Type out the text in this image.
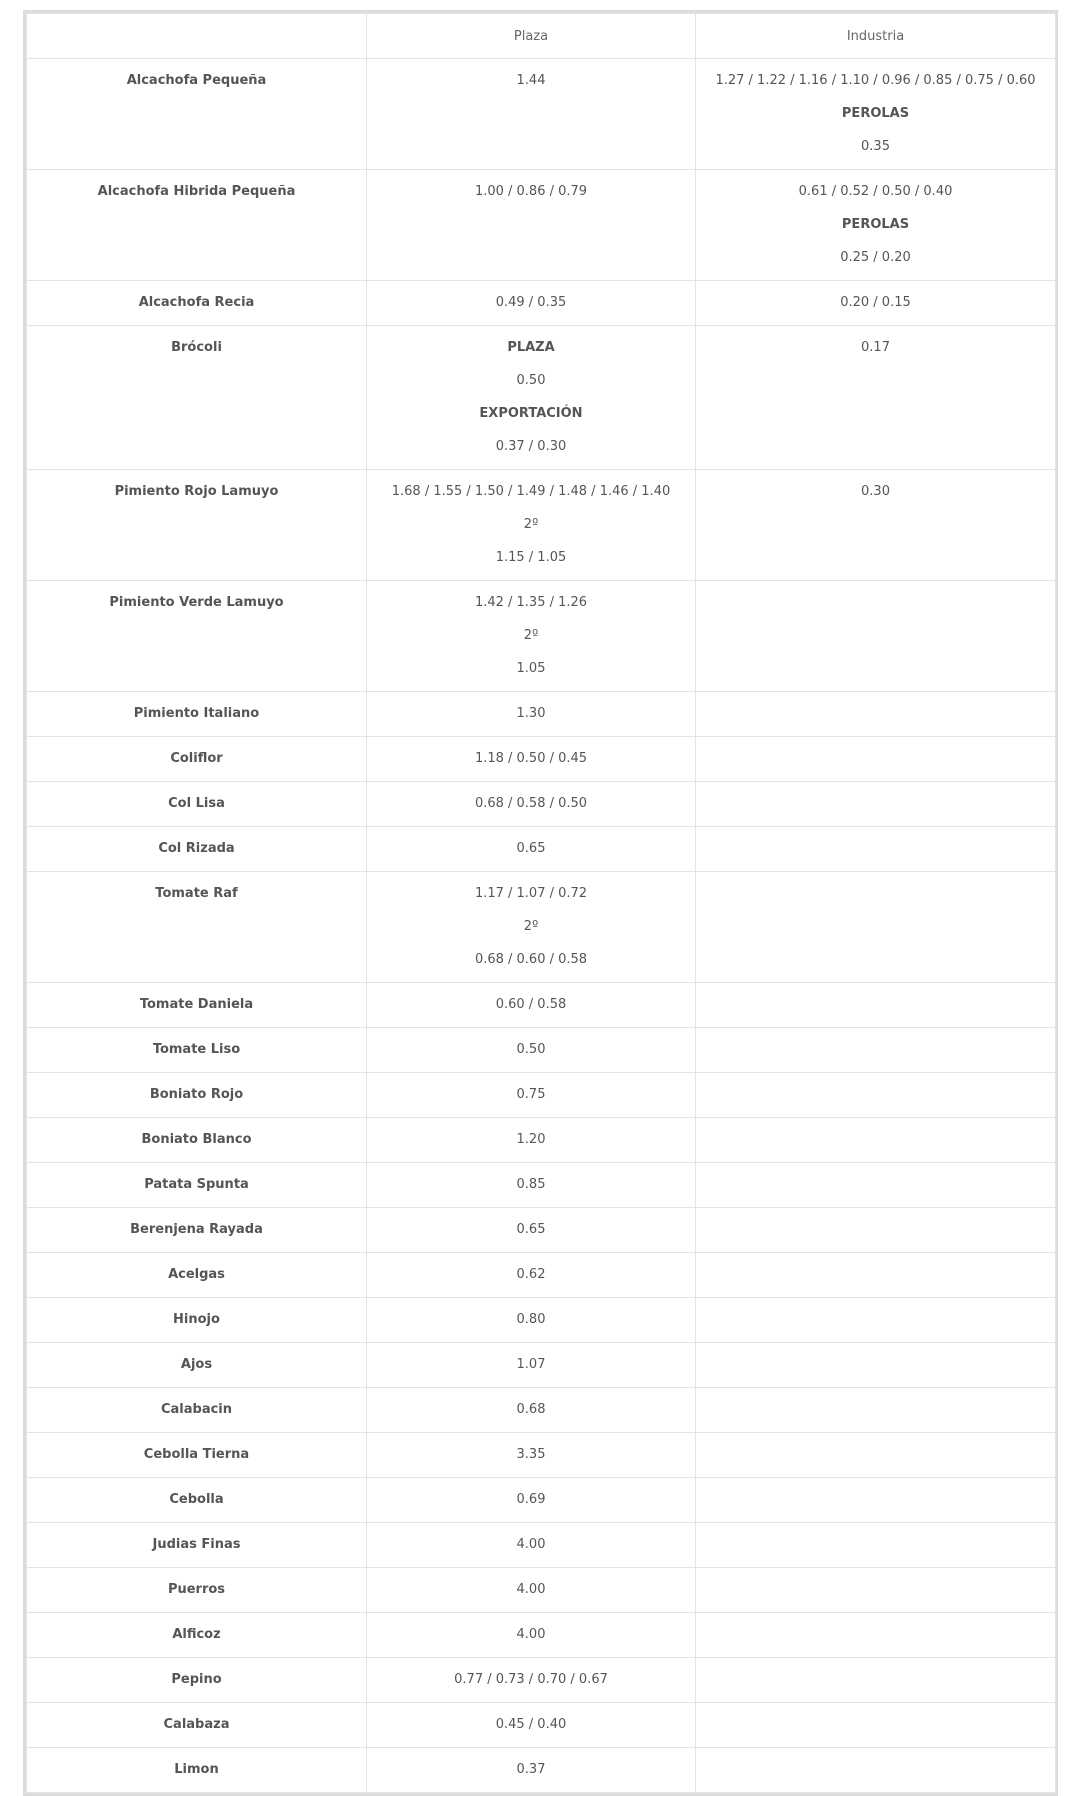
	Plaza	Industria
Alcachofa Pequeña	1.44	1.27 / 1.22 / 1.16 / 1.10 / 0.96 / 0.85 / 0.75 / 0.60
PEROLAS
0.35

Alcachofa Hibrida Pequeña	1.00 / 0.86 / 0.79	0.61 / 0.52 / 0.50 / 0.40
PEROLAS
0.25 / 0.20

Alcachofa Recia	0.49 / 0.35	0.20 / 0.15

Brócoli	PLAZA
0.50
EXPORTACIÓN
0.37 / 0.30	0.17

Pimiento Rojo Lamuyo	1.68 / 1.55 / 1.50 / 1.49 / 1.48 / 1.46 / 1.40
2º
1.15 / 1.05	0.30

Pimiento Verde Lamuyo	1.42 / 1.35 / 1.26
2º
1.05	

Pimiento Italiano	1.30	

Coliflor	1.18 / 0.50 / 0.45	

Col Lisa	0.68 / 0.58 / 0.50	

Col Rizada	0.65	

Tomate Raf	1.17 / 1.07 / 0.72
2º
0.68 / 0.60 / 0.58	

Tomate Daniela	0.60 / 0.58	

Tomate Liso	0.50	

Boniato Rojo	0.75	

Boniato Blanco	1.20	

Patata Spunta	0.85	

Berenjena Rayada	0.65	

Acelgas	0.62	

Hinojo	0.80	

Ajos	1.07	

Calabacin	0.68	

Cebolla Tierna	3.35	

Cebolla	0.69	

Judias Finas	4.00	

Puerros	4.00	

Alficoz	4.00	

Pepino	0.77 / 0.73 / 0.70 / 0.67	

Calabaza	0.45 / 0.40	

Limon	0.37	
